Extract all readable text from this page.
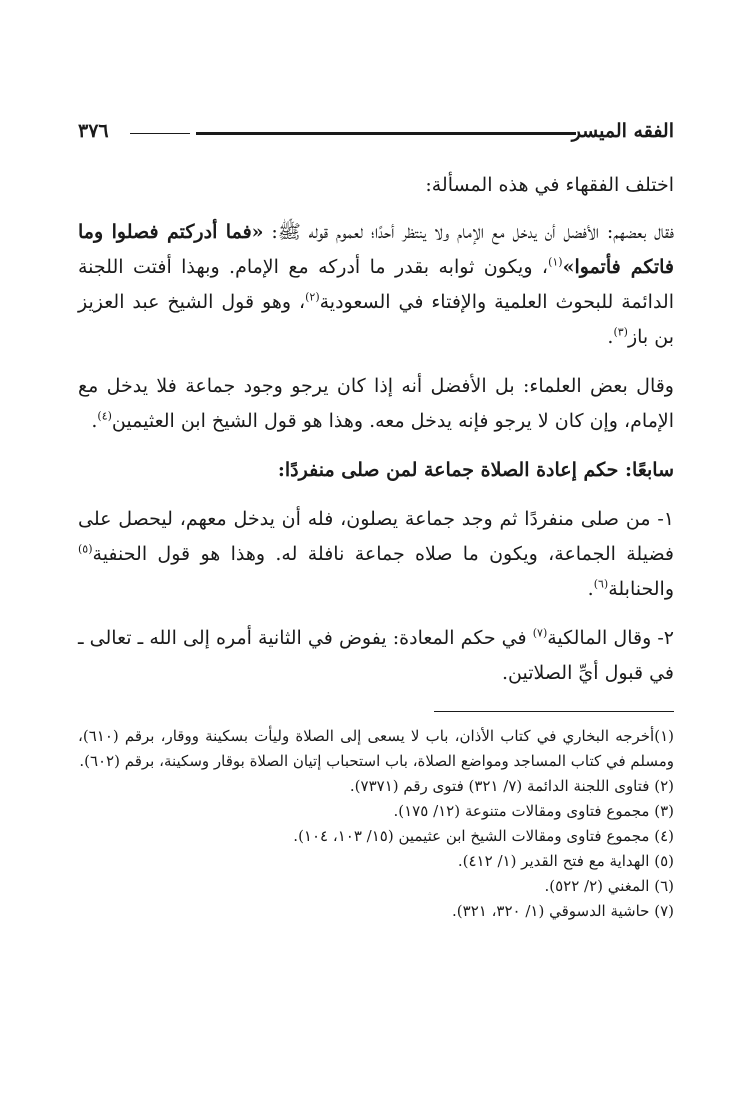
٣٧٦	الفقه الميسر

اختلف الفقهاء في هذه المسألة:

فقال بعضهم: الأفضل أن يدخل مع الإمام ولا ينتظر أحدًا؛ لعموم قوله ﷺ: «فما أدركتم فصلوا وما فاتكم فأتموا»$^{(١)}$، ويكون ثوابه بقدر ما أدركه مع الإمام. وبهذا أفتت اللجنة الدائمة للبحوث العلمية والإفتاء في السعودية$^{(٢)}$، وهو قول الشيخ عبد العزيز بن باز$^{(٣)}$.

وقال بعض العلماء: بل الأفضل أنه إذا كان يرجو وجود جماعة فلا يدخل مع الإمام، وإن كان لا يرجو فإنه يدخل معه. وهذا هو قول الشيخ ابن العثيمين$^{(٤)}$.

سابعًا: حكم إعادة الصلاة جماعة لمن صلى منفردًا:

١- من صلى منفردًا ثم وجد جماعة يصلون، فله أن يدخل معهم، ليحصل على فضيلة الجماعة، ويكون ما صلاه جماعة نافلة له. وهذا هو قول الحنفية$^{(٥)}$ والحنابلة$^{(٦)}$.

٢- وقال المالكية$^{(٧)}$ في حكم المعادة: يفوض في الثانية أمره إلى الله ـ تعالى ـ في قبول أيِّ الصلاتين.

(١)أخرجه البخاري في كتاب الأذان، باب لا يسعى إلى الصلاة وليأت بسكينة ووقار، برقم (٦١٠)، ومسلم في كتاب المساجد ومواضع الصلاة، باب استحباب إتيان الصلاة بوقار وسكينة، برقم (٦٠٢).
(٢) فتاوى اللجنة الدائمة (٧/ ٣٢١) فتوى رقم (٧٣٧١).
(٣) مجموع فتاوى ومقالات متنوعة (١٢/ ١٧٥).
(٤) مجموع فتاوى ومقالات الشيخ ابن عثيمين (١٥/ ١٠٣، ١٠٤).
(٥) الهداية مع فتح القدير (١/ ٤١٢).
(٦) المغني (٢/ ٥٢٢).
(٧) حاشية الدسوقي (١/ ٣٢٠، ٣٢١).
